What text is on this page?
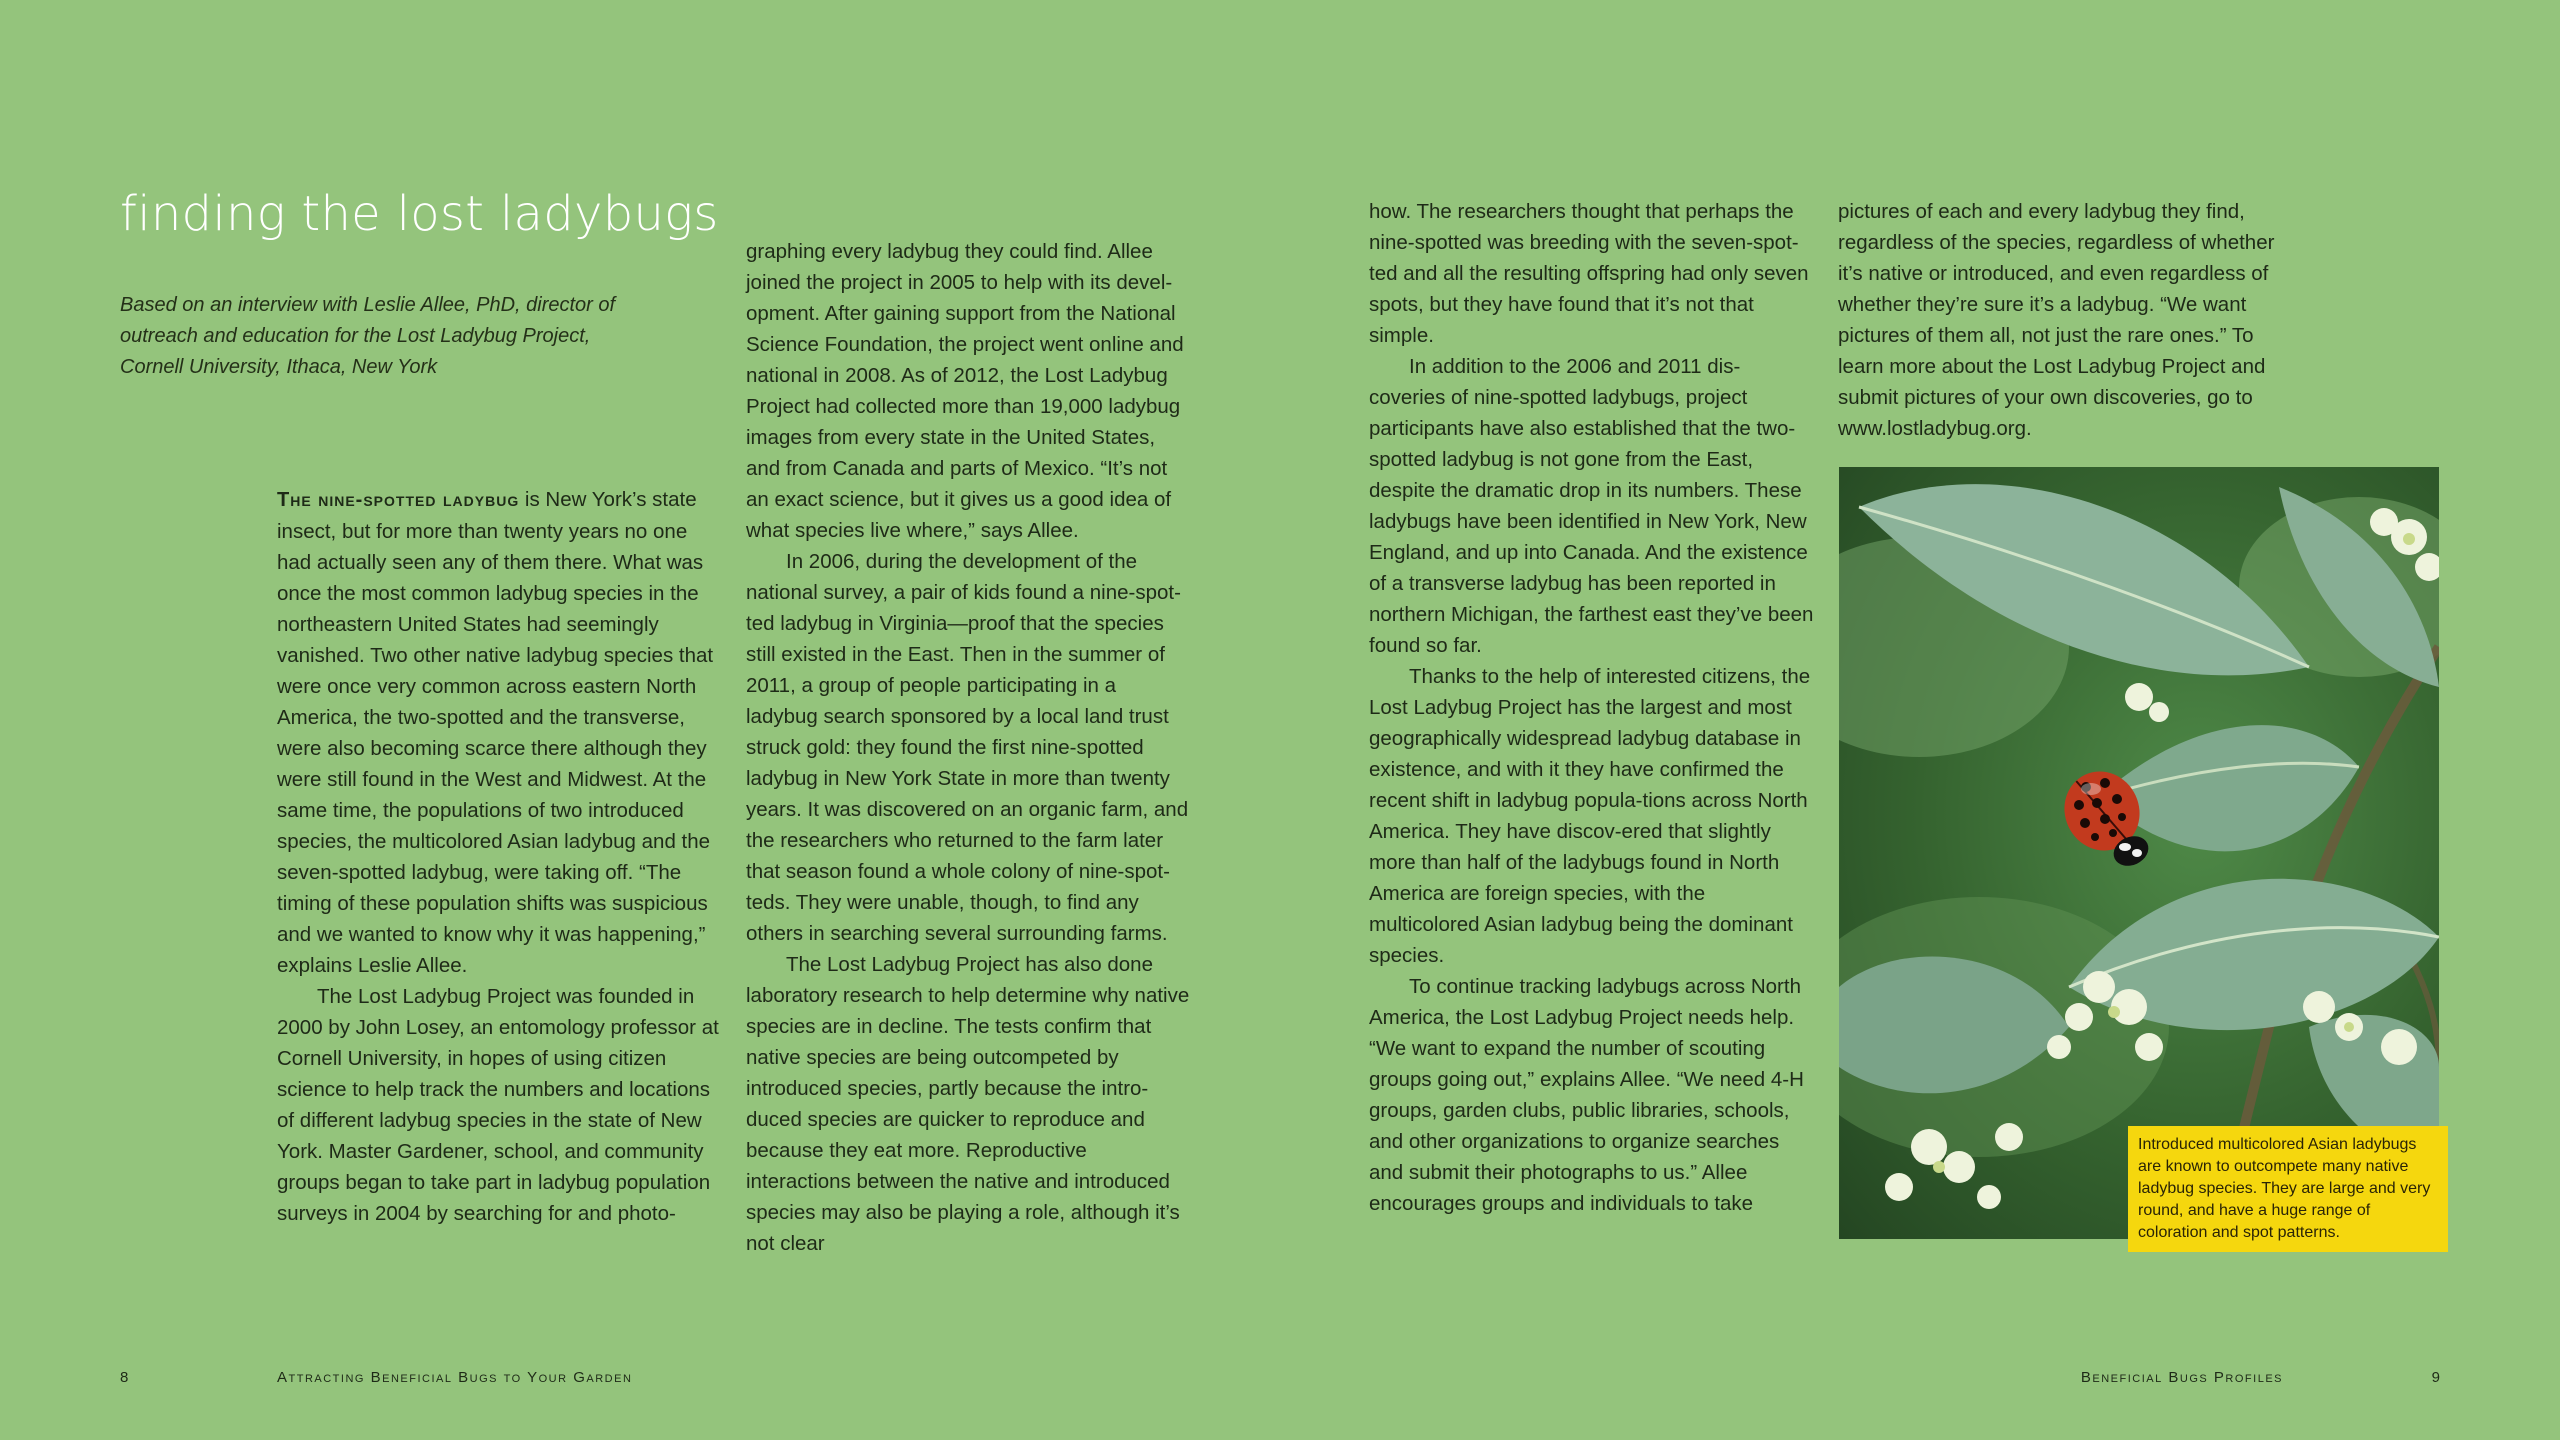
finding the lost ladybugs
Based on an interview with Leslie Allee, PhD, director of outreach and education for the Lost Ladybug Project, Cornell University, Ithaca, New York

The nine-spotted ladybug is New York’s state insect, but for more than twenty years no one had actually seen any of them there. What was once the most common ladybug species in the northeastern United States had seemingly vanished. Two other native ladybug species that were once very common across eastern North America, the two-spotted and the transverse, were also becoming scarce there although they were still found in the West and Midwest. At the same time, the populations of two introduced species, the multicolored Asian ladybug and the seven-spotted ladybug, were taking off. “The timing of these population shifts was suspicious and we wanted to know why it was happening,” explains Leslie Allee.

The Lost Ladybug Project was founded in 2000 by John Losey, an entomology professor at Cornell University, in hopes of using citizen science to help track the numbers and locations of different ladybug species in the state of New York. Master Gardener, school, and community groups began to take part in ladybug population surveys in 2004 by searching for and photo-

graphing every ladybug they could find. Allee joined the project in 2005 to help with its devel-opment. After gaining support from the National Science Foundation, the project went online and national in 2008. As of 2012, the Lost Ladybug Project had collected more than 19,000 ladybug images from every state in the United States, and from Canada and parts of Mexico. “It’s not an exact science, but it gives us a good idea of what species live where,” says Allee.

In 2006, during the development of the national survey, a pair of kids found a nine-spot-ted ladybug in Virginia—proof that the species still existed in the East. Then in the summer of 2011, a group of people participating in a ladybug search sponsored by a local land trust struck gold: they found the first nine-spotted ladybug in New York State in more than twenty years. It was discovered on an organic farm, and the researchers who returned to the farm later that season found a whole colony of nine-spot-teds. They were unable, though, to find any others in searching several surrounding farms.

The Lost Ladybug Project has also done laboratory research to help determine why native species are in decline. The tests confirm that native species are being outcompeted by introduced species, partly because the intro-duced species are quicker to reproduce and because they eat more. Reproductive interactions between the native and introduced species may also be playing a role, although it’s not clear

8	Attracting Beneficial Bugs to Your Garden

how. The researchers thought that perhaps the nine-spotted was breeding with the seven-spot-ted and all the resulting offspring had only seven spots, but they have found that it’s not that simple.

In addition to the 2006 and 2011 dis-coveries of nine-spotted ladybugs, project participants have also established that the two-spotted ladybug is not gone from the East, despite the dramatic drop in its numbers. These ladybugs have been identified in New York, New England, and up into Canada. And the existence of a transverse ladybug has been reported in northern Michigan, the farthest east they’ve been found so far.

Thanks to the help of interested citizens, the Lost Ladybug Project has the largest and most geographically widespread ladybug database in existence, and with it they have confirmed the recent shift in ladybug popula-tions across North America. They have discov-ered that slightly more than half of the ladybugs found in North America are foreign species, with the multicolored Asian ladybug being the dominant species.

To continue tracking ladybugs across North America, the Lost Ladybug Project needs help. “We want to expand the number of scouting groups going out,” explains Allee. “We need 4-H groups, garden clubs, public libraries, schools, and other organizations to organize searches and submit their photographs to us.” Allee encourages groups and individuals to take

pictures of each and every ladybug they find, regardless of the species, regardless of whether it’s native or introduced, and even regardless of whether they’re sure it’s a ladybug. “We want pictures of them all, not just the rare ones.” To learn more about the Lost Ladybug Project and submit pictures of your own discoveries, go to www.lostladybug.org.

Introduced multicolored Asian ladybugs are known to outcompete many native ladybug species. They are large and very round, and have a huge range of coloration and spot patterns.
Beneficial Bugs Profiles	9
